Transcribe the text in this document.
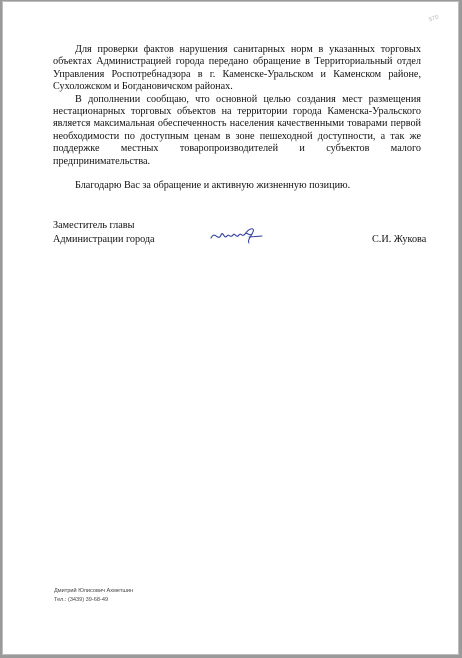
570

Для проверки фактов нарушения санитарных норм в указанных торговых объектах Администрацией города передано обращение в Территориальный отдел Управления Роспотребнадзора в г. Каменске-Уральском и Каменском районе, Сухоложском и Богдановичском районах.

В дополнении сообщаю, что основной целью создания мест размещения нестационарных торговых объектов на территории города Каменска-Уральского является максимальная обеспеченность населения качественными товарами первой необходимости по доступным ценам в зоне пешеходной доступности, а так же поддержке местных товаропроизводителей и субъектов малого предпринимательства.

Благодарю Вас за обращение и активную жизненную позицию.

Заместитель главы
Администрации города	С.И. Жукова
Дмитрий Юлисович Ахметшин
Тел.: (3439) 39-68-49
